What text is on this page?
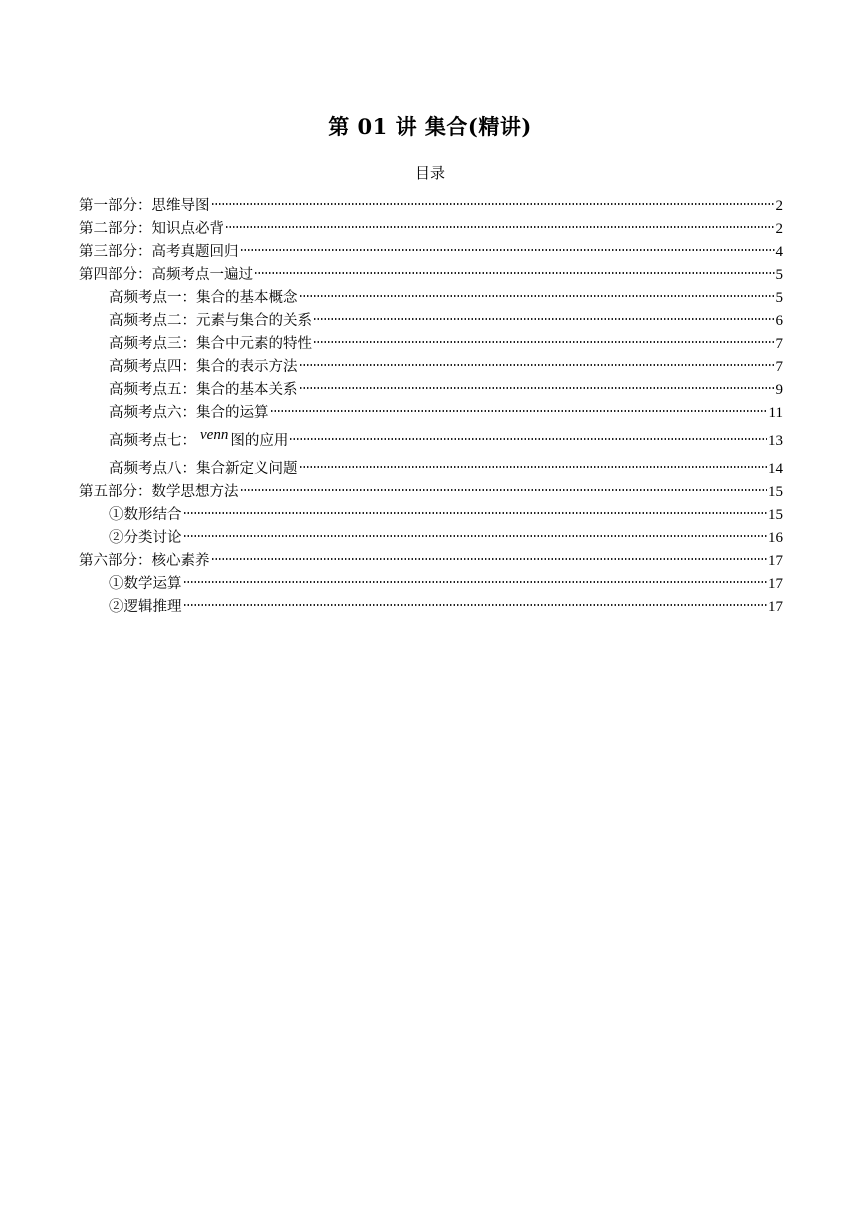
第 01 讲 集合(精讲)
目录
第一部分：思维导图	2
第二部分：知识点必背	2
第三部分：高考真题回归	4
第四部分：高频考点一遍过	5
高频考点一：集合的基本概念	5
高频考点二：元素与集合的关系	6
高频考点三：集合中元素的特性	7
高频考点四：集合的表示方法	7
高频考点五：集合的基本关系	9
高频考点六：集合的运算	11
高频考点七： venn 图的应用	13
高频考点八：集合新定义问题	14
第五部分：数学思想方法	15
①数形结合	15
②分类讨论	16
第六部分：核心素养	17
①数学运算	17
②逻辑推理	17
